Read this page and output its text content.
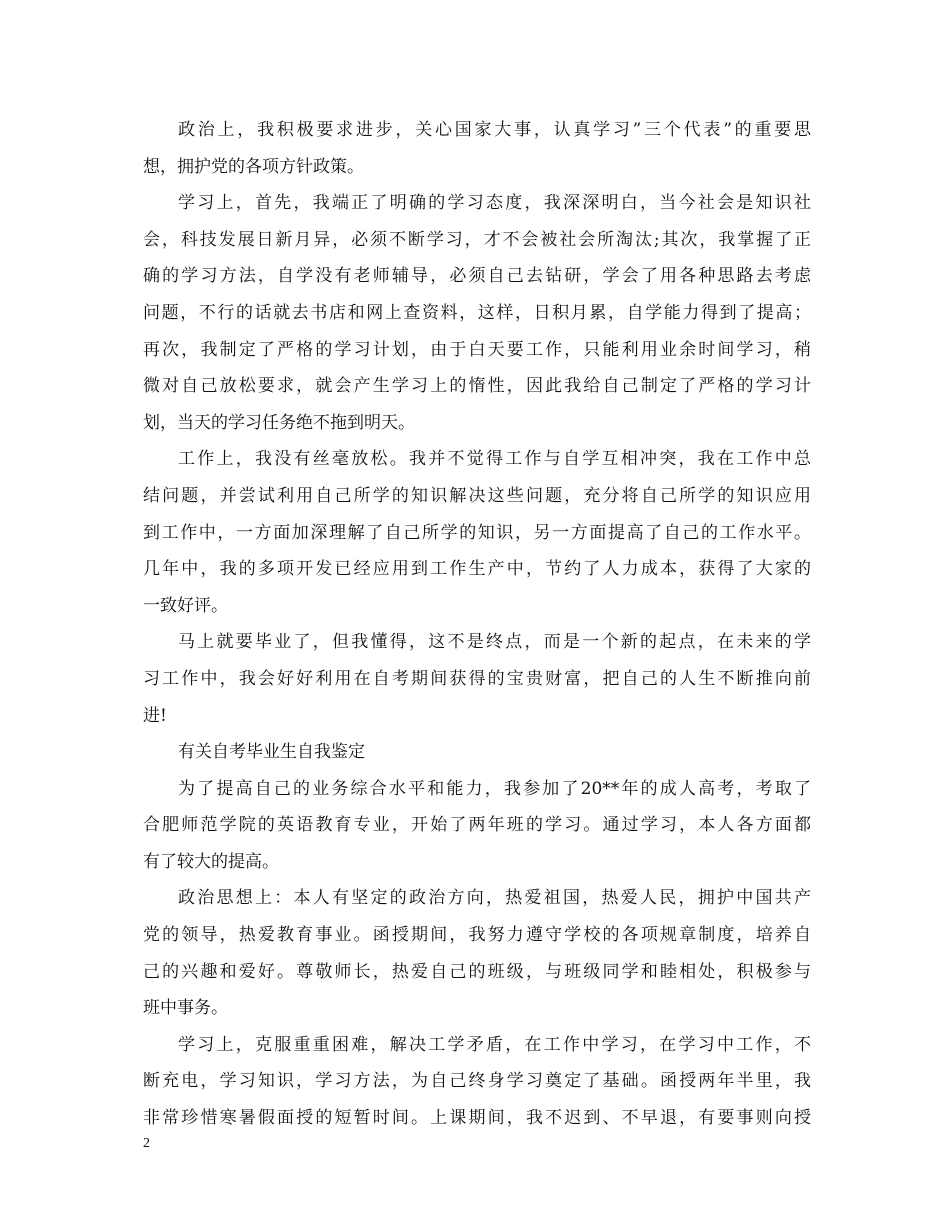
政治上，我积极要求进步，关心国家大事，认真学习”三个代表”的重要思
想，拥护党的各项方针政策。
学习上，首先，我端正了明确的学习态度，我深深明白，当今社会是知识社
会，科技发展日新月异，必须不断学习，才不会被社会所淘汰;其次，我掌握了正
确的学习方法，自学没有老师辅导，必须自己去钻研，学会了用各种思路去考虑
问题，不行的话就去书店和网上查资料，这样，日积月累，自学能力得到了提高；
再次，我制定了严格的学习计划，由于白天要工作，只能利用业余时间学习，稍
微对自己放松要求，就会产生学习上的惰性，因此我给自己制定了严格的学习计
划，当天的学习任务绝不拖到明天。
工作上，我没有丝毫放松。我并不觉得工作与自学互相冲突，我在工作中总
结问题，并尝试利用自己所学的知识解决这些问题，充分将自己所学的知识应用
到工作中，一方面加深理解了自己所学的知识，另一方面提高了自己的工作水平。
几年中，我的多项开发已经应用到工作生产中，节约了人力成本，获得了大家的
一致好评。
马上就要毕业了，但我懂得，这不是终点，而是一个新的起点，在未来的学
习工作中，我会好好利用在自考期间获得的宝贵财富，把自己的人生不断推向前
进!
有关自考毕业生自我鉴定
为了提高自己的业务综合水平和能力，我参加了20**年的成人高考，考取了
合肥师范学院的英语教育专业，开始了两年班的学习。通过学习，本人各方面都
有了较大的提高。
政治思想上：本人有坚定的政治方向，热爱祖国，热爱人民，拥护中国共产
党的领导，热爱教育事业。函授期间，我努力遵守学校的各项规章制度，培养自
己的兴趣和爱好。尊敬师长，热爱自己的班级，与班级同学和睦相处，积极参与
班中事务。
学习上，克服重重困难，解决工学矛盾，在工作中学习，在学习中工作，不
断充电，学习知识，学习方法，为自己终身学习奠定了基础。函授两年半里，我
非常珍惜寒暑假面授的短暂时间。上课期间，我不迟到、不早退，有要事则向授
2
